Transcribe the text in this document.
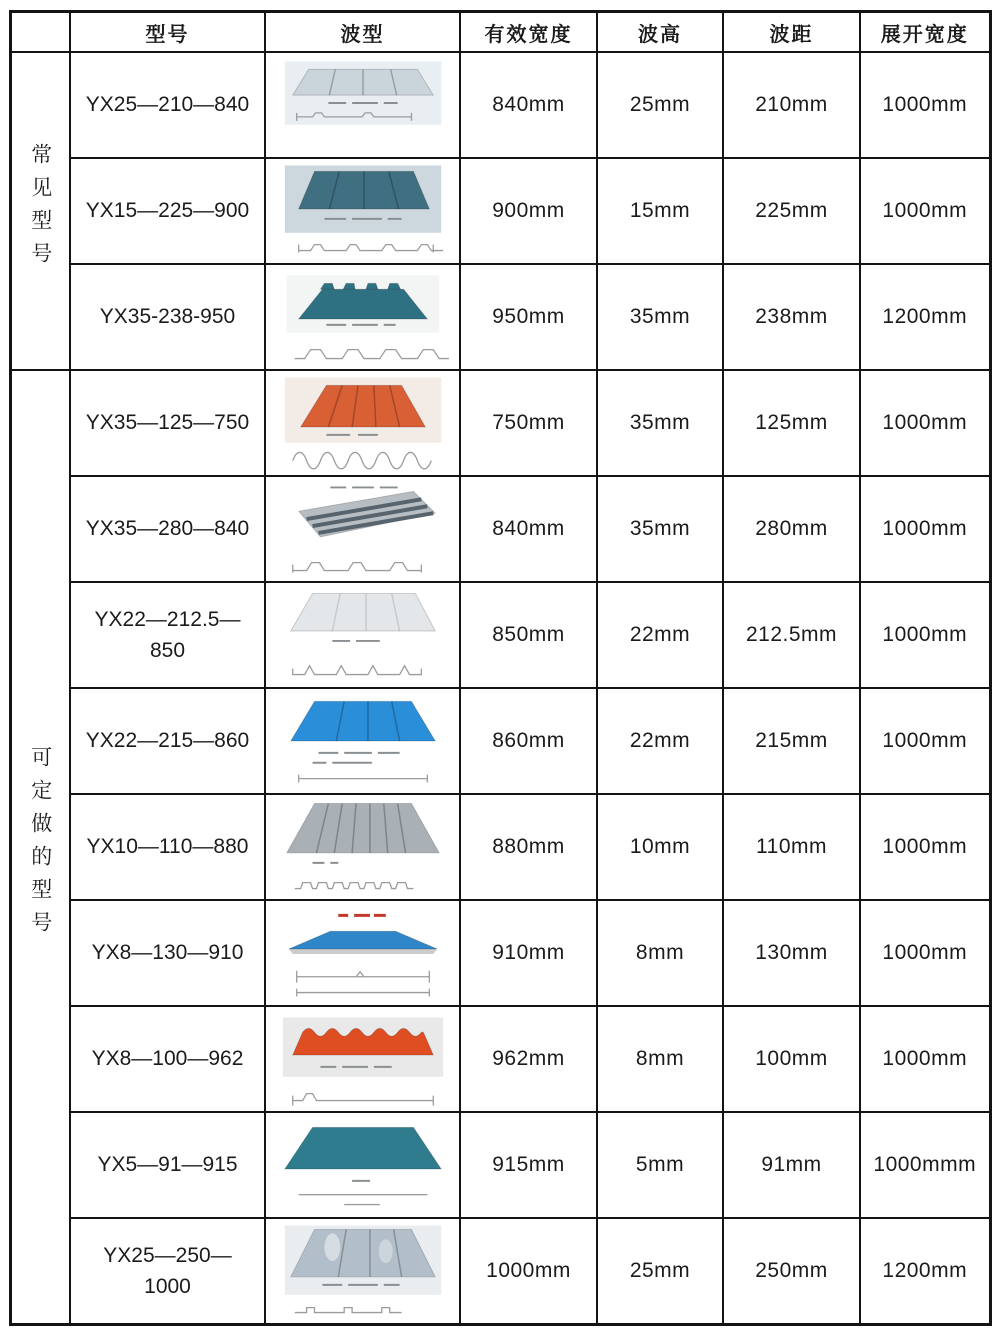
	型号	波型	有效宽度	波高	波距	展开宽度
常见型号	YX25—210—840		840mm	25mm	210mm	1000mm
	YX15—225—900		900mm	15mm	225mm	1000mm
	YX35-238-950		950mm	35mm	238mm	1200mm
可定做的型号	YX35—125—750		750mm	35mm	125mm	1000mm
	YX35—280—840		840mm	35mm	280mm	1000mm
	YX22—212.5—850		850mm	22mm	212.5mm	1000mm
	YX22—215—860		860mm	22mm	215mm	1000mm
	YX10—110—880		880mm	10mm	110mm	1000mm
	YX8—130—910		910mm	8mm	130mm	1000mm
	YX8—100—962		962mm	8mm	100mm	1000mm
	YX5—91—915		915mm	5mm	91mm	1000mmm
	YX25—250—1000		1000mm	25mm	250mm	1200mm
